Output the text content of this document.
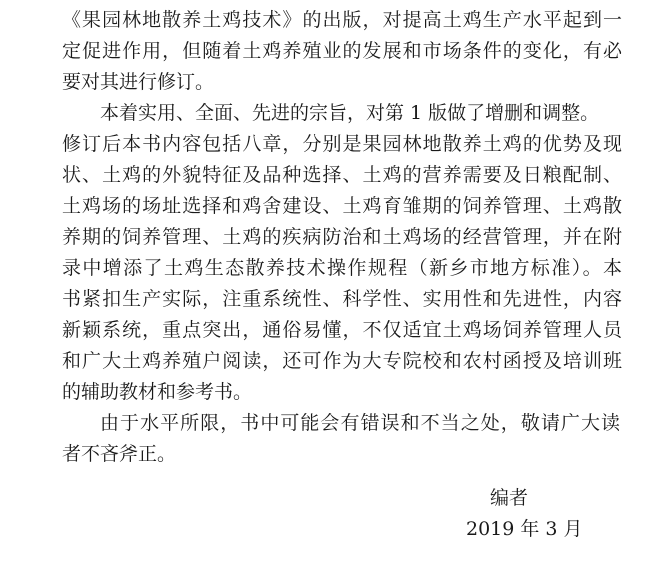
《果园林地散养土鸡技术》的出版，对提高土鸡生产水平起到一
定促进作用，但随着土鸡养殖业的发展和市场条件的变化，有必
要对其进行修订。
本着实用、全面、先进的宗旨，对第 1 版做了增删和调整。
修订后本书内容包括八章，分别是果园林地散养土鸡的优势及现
状、土鸡的外貌特征及品种选择、土鸡的营养需要及日粮配制、
土鸡场的场址选择和鸡舍建设、土鸡育雏期的饲养管理、土鸡散
养期的饲养管理、土鸡的疾病防治和土鸡场的经营管理，并在附
录中增添了土鸡生态散养技术操作规程（新乡市地方标准）。本
书紧扣生产实际，注重系统性、科学性、实用性和先进性，内容
新颖系统，重点突出，通俗易懂，不仅适宜土鸡场饲养管理人员
和广大土鸡养殖户阅读，还可作为大专院校和农村函授及培训班
的辅助教材和参考书。
由于水平所限，书中可能会有错误和不当之处，敬请广大读
者不吝斧正。
编者
2019 年 3 月
